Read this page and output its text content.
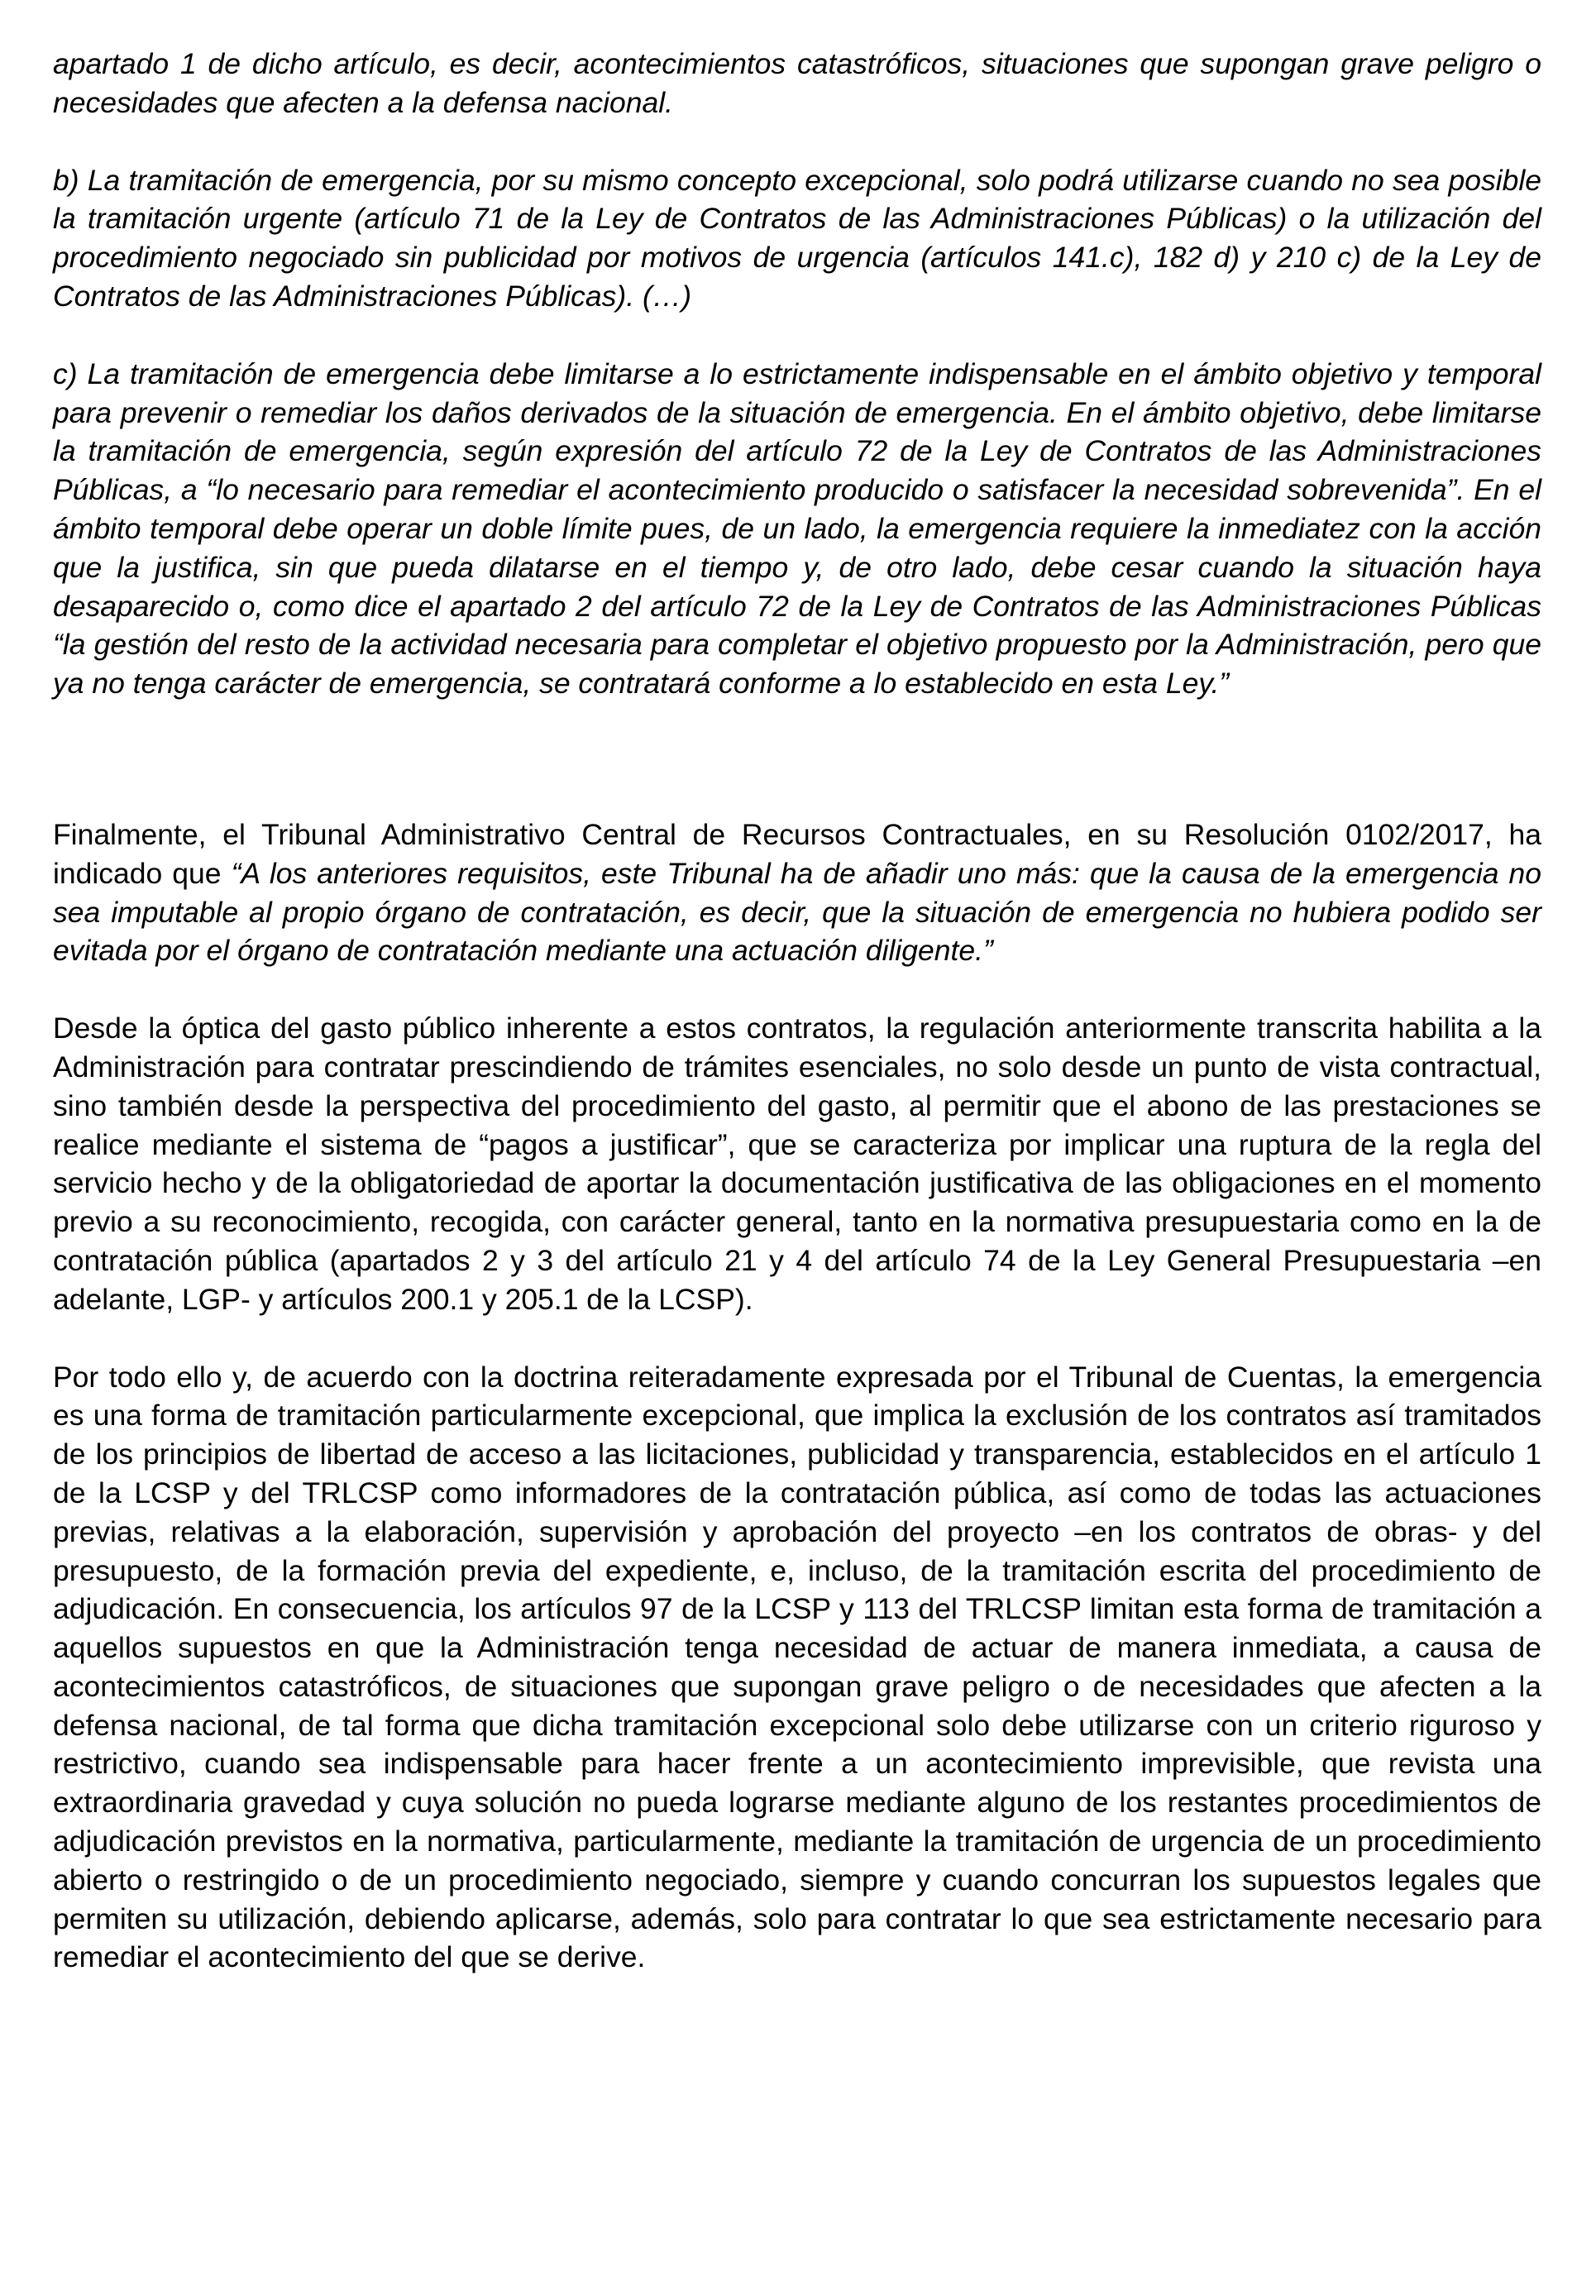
apartado 1 de dicho artículo, es decir, acontecimientos catastróficos, situaciones que supongan grave peligro o necesidades que afecten a la defensa nacional.

b) La tramitación de emergencia, por su mismo concepto excepcional, solo podrá utilizarse cuando no sea posible la tramitación urgente (artículo 71 de la Ley de Contratos de las Administraciones Públicas) o la utilización del procedimiento negociado sin publicidad por motivos de urgencia (artículos 141.c), 182 d) y 210 c) de la Ley de Contratos de las Administraciones Públicas). (…)

c) La tramitación de emergencia debe limitarse a lo estrictamente indispensable en el ámbito objetivo y temporal para prevenir o remediar los daños derivados de la situación de emergencia. En el ámbito objetivo, debe limitarse la tramitación de emergencia, según expresión del artículo 72 de la Ley de Contratos de las Administraciones Públicas, a “lo necesario para remediar el acontecimiento producido o satisfacer la necesidad sobrevenida”. En el ámbito temporal debe operar un doble límite pues, de un lado, la emergencia requiere la inmediatez con la acción que la justifica, sin que pueda dilatarse en el tiempo y, de otro lado, debe cesar cuando la situación haya desaparecido o, como dice el apartado 2 del artículo 72 de la Ley de Contratos de las Administraciones Públicas “la gestión del resto de la actividad necesaria para completar el objetivo propuesto por la Administración, pero que ya no tenga carácter de emergencia, se contratará conforme a lo establecido en esta Ley.”

Finalmente, el Tribunal Administrativo Central de Recursos Contractuales, en su Resolución 0102/2017, ha indicado que “A los anteriores requisitos, este Tribunal ha de añadir uno más: que la causa de la emergencia no sea imputable al propio órgano de contratación, es decir, que la situación de emergencia no hubiera podido ser evitada por el órgano de contratación mediante una actuación diligente.”

Desde la óptica del gasto público inherente a estos contratos, la regulación anteriormente transcrita habilita a la Administración para contratar prescindiendo de trámites esenciales, no solo desde un punto de vista contractual, sino también desde la perspectiva del procedimiento del gasto, al permitir que el abono de las prestaciones se realice mediante el sistema de “pagos a justificar”, que se caracteriza por implicar una ruptura de la regla del servicio hecho y de la obligatoriedad de aportar la documentación justificativa de las obligaciones en el momento previo a su reconocimiento, recogida, con carácter general, tanto en la normativa presupuestaria como en la de contratación pública (apartados 2 y 3 del artículo 21 y 4 del artículo 74 de la Ley General Presupuestaria –en adelante, LGP- y artículos 200.1 y 205.1 de la LCSP).

Por todo ello y, de acuerdo con la doctrina reiteradamente expresada por el Tribunal de Cuentas, la emergencia es una forma de tramitación particularmente excepcional, que implica la exclusión de los contratos así tramitados de los principios de libertad de acceso a las licitaciones, publicidad y transparencia, establecidos en el artículo 1 de la LCSP y del TRLCSP como informadores de la contratación pública, así como de todas las actuaciones previas, relativas a la elaboración, supervisión y aprobación del proyecto –en los contratos de obras- y del presupuesto, de la formación previa del expediente, e, incluso, de la tramitación escrita del procedimiento de adjudicación. En consecuencia, los artículos 97 de la LCSP y 113 del TRLCSP limitan esta forma de tramitación a aquellos supuestos en que la Administración tenga necesidad de actuar de manera inmediata, a causa de acontecimientos catastróficos, de situaciones que supongan grave peligro o de necesidades que afecten a la defensa nacional, de tal forma que dicha tramitación excepcional solo debe utilizarse con un criterio riguroso y restrictivo, cuando sea indispensable para hacer frente a un acontecimiento imprevisible, que revista una extraordinaria gravedad y cuya solución no pueda lograrse mediante alguno de los restantes procedimientos de adjudicación previstos en la normativa, particularmente, mediante la tramitación de urgencia de un procedimiento abierto o restringido o de un procedimiento negociado, siempre y cuando concurran los supuestos legales que permiten su utilización, debiendo aplicarse, además, solo para contratar lo que sea estrictamente necesario para remediar el acontecimiento del que se derive.
